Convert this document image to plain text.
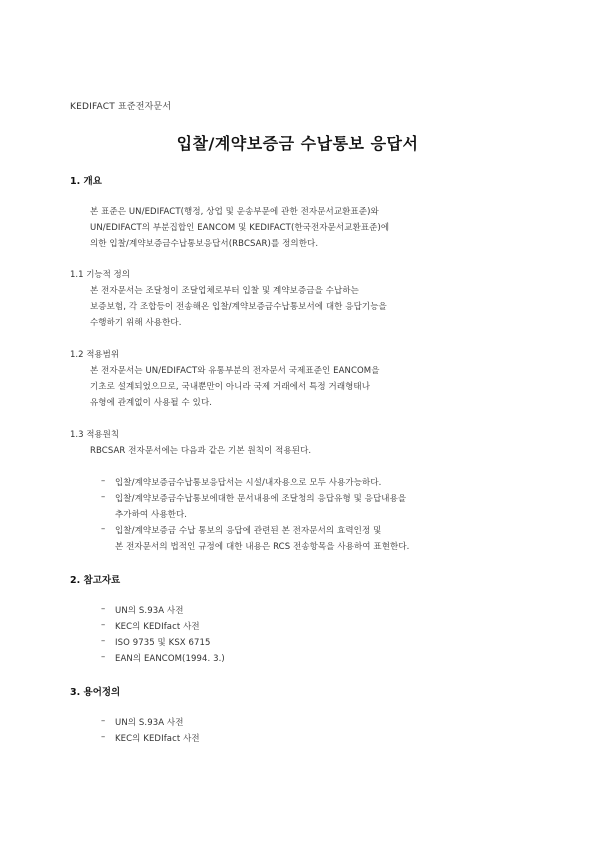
KEDIFACT 표준전자문서
입찰/계약보증금 수납통보 응답서
1. 개요
본 표준은 UN/EDIFACT(행정, 상업 및 운송부문에 관한 전자문서교환표준)와
UN/EDIFACT의 부분집합인 EANCOM 및 KEDIFACT(한국전자문서교환표준)에
의한 입찰/계약보증금수납통보응답서(RBCSAR)를 정의한다.
1.1 기능적 정의
본 전자문서는 조달청이 조달업체로부터 입찰 및 계약보증금을 수납하는
보증보험, 각 조합등이 전송해온 입찰/계약보증금수납통보서에 대한 응답기능을
수행하기 위해 사용한다.
1.2 적용범위
본 전자문서는 UN/EDIFACT와 유통부분의 전자문서 국제표준인 EANCOM을
기초로 설계되었으므로, 국내뿐만이 아니라 국제 거래에서 특정 거래형태나
유형에 관계없이 사용될 수 있다.
1.3 적용원칙
RBCSAR 전자문서에는 다음과 같은 기본 원칙이 적용된다.
– 입찰/계약보증금수납통보응답서는 시설/내자용으로 모두 사용가능하다.
– 입찰/계약보증금수납통보에대한 문서내용에 조달청의 응답유형 및 응답내용을
추가하여 사용한다.
– 입찰/계약보증금 수납 통보의 응답에 관련된 본 전자문서의 효력인정 및
본 전자문서의 법적인 규정에 대한 내용은 RCS 전송항목을 사용하여 표현한다.
2. 참고자료
– UN의 S.93A 사전
– KEC의 KEDIfact 사전
– ISO 9735 및 KSX 6715
– EAN의 EANCOM(1994. 3.)
3. 용어정의
– UN의 S.93A 사전
– KEC의 KEDIfact 사전
